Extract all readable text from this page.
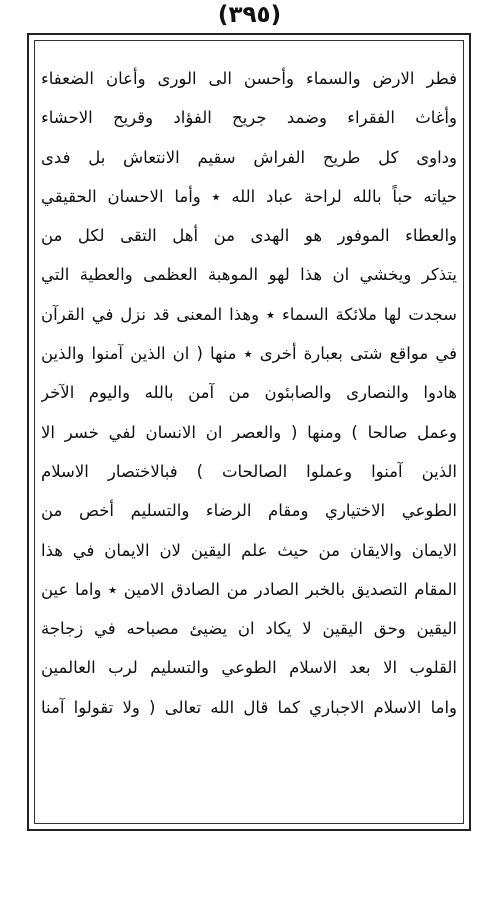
(٣٩٥)
فطر الارض والسماء وأحسن الى الورى وأعان الضعفاء
وأغاث الفقراء وضمد جريح الفؤاد وقريح الاحشاء
وداوى كل طريح الفراش سقيم الانتعاش بل فدى
حياته حباً بالله لراحة عباد الله ٭ وأما الاحسان الحقيقي
والعطاء الموفور هو الهدى من أهل التقى لكل من
يتذكر ويخشي ان هذا لهو الموهبة العظمى والعطية التي
سجدت لها ملائكة السماء ٭ وهذا المعنى قد نزل في القرآن
في مواقع شتى بعبارة أخرى ٭ منها ( ان الذين آمنوا والذين
هادوا والنصارى والصابئون من آمن بالله واليوم الآخر
وعمل صالحا ) ومنها ( والعصر ان الانسان لفي خسر الا
الذين آمنوا وعملوا الصالحات ) فبالاختصار الاسلام
الطوعي الاختياري ومقام الرضاء والتسليم أخص من
الايمان والايقان من حيث علم اليقين لان الايمان في هذا
المقام التصديق بالخبر الصادر من الصادق الامين ٭ واما عين
اليقين وحق اليقين لا يكاد ان يضيئ مصباحه في زجاجة
القلوب الا بعد الاسلام الطوعي والتسليم لرب العالمين
واما الاسلام الاجباري كما قال الله تعالى ( ولا تقولوا آمنا
